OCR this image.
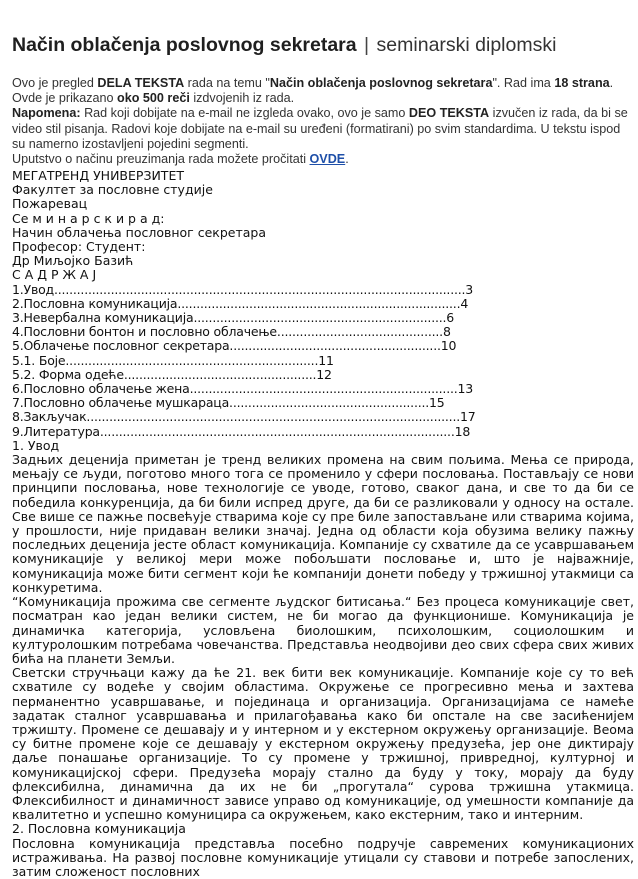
Način oblačenja poslovnog sekretara | seminarski diplomski
Ovo je pregled DELA TEKSTA rada na temu "Način oblačenja poslovnog sekretara". Rad ima 18 strana. Ovde je prikazano oko 500 reči izdvojenih iz rada.
Napomena: Rad koji dobijate na e-mail ne izgleda ovako, ovo je samo DEO TEKSTA izvučen iz rada, da bi se video stil pisanja. Radovi koje dobijate na e-mail su uređeni (formatirani) po svim standardima. U tekstu ispod su namerno izostavljeni pojedini segmenti.
Uputstvo o načinu preuzimanja rada možete pročitati OVDE.
МЕГАТРЕНД УНИВЕРЗИТЕТ
Факултет за пословне студије
Пожаревац
Се м и н а р с к и р а д:
Начин облачења пословног секретара
Професор: Студент:
Др Миљојко Базић
С А Д Р Ж А Ј
1.Увод.............................................................................................................3
2.Пословна комуникација...........................................................................4
3.Невербална комуникација...................................................................6
4.Пословни бонтон и пословно облачење............................................8
5.Облачење пословног секретара........................................................10
5.1. Боје...................................................................11
5.2. Форма одеће...................................................12
6.Пословно облачење жена.......................................................................13
7.Пословно облачење мушкараца.....................................................15
8.Закључак...................................................................................................17
9.Литература..............................................................................................18
1. Увод

Задњих деценија приметан је тренд великих промена на свим пољима. Мења се природа, мењају се људи, поготово много тога се променило у сфери пословања. Постављају се нови принципи пословања, нове технологије се уводе, готово, сваког дана, и све то да би се победила конкуренција, да би били испред друге, да би се разликовали у односу на остале. Све више се пажње посвећује стварима које су пре биле запостављане или стварима којима, у прошлости, није придаван велики значај. Једна од области која обузима велику пажњу последњих деценија јесте област комуникација. Компаније су схватиле да се усавршавањем комуникације у великој мери може побољшати пословање и, што је најважније, комуникација може бити сегмент који ће компанији донети победу у тржишној утакмици са конкуретима.

“Комуникација прожима све сегменте људског битисања.“ Без процеса комуникације свет, посматран као један велики систем, не би могао да функционише. Комуникација је динамичка категорија, условљена биолошким, психолошким, социолошким и културолошким потребама човечанства. Представља неодвојиви део свих сфера свих живих бића на планети Земљи.

Светски стручњаци кажу да ће 21. век бити век комуникације. Компаније које су то већ схватиле су водеће у својим областима. Окружење се прогресивно мења и захтева перманентно усавршавање, и појединаца и организација. Организацијама се намеће задатак сталног усавршавања и прилагођавања како би опстале на све засићенијем тржишту. Промене се дешавају и у интерном и у екстерном окружењу организације. Веома су битне промене које се дешавају у екстерном окружењу предузећа, јер оне диктирају даље понашање организације. То су промене у тржишној, привредној, културној и комуникацијској сфери. Предузећа морају стално да буду у току, морају да буду флексибилна, динамична да их не би „прогутала“ сурова тржишна утакмица. Флексибилност и динамичност зависе управо од комуникације, од умешности компаније да квалитетно и успешно комуницира са окружењем, како екстерним, тако и интерним.

2. Пословна комуникација

Пословна комуникација представља посебно подручје савремених комуникационих истраживања. На развој пословне комуникације утицали су ставови и потребе запослених, затим сложеност пословних
